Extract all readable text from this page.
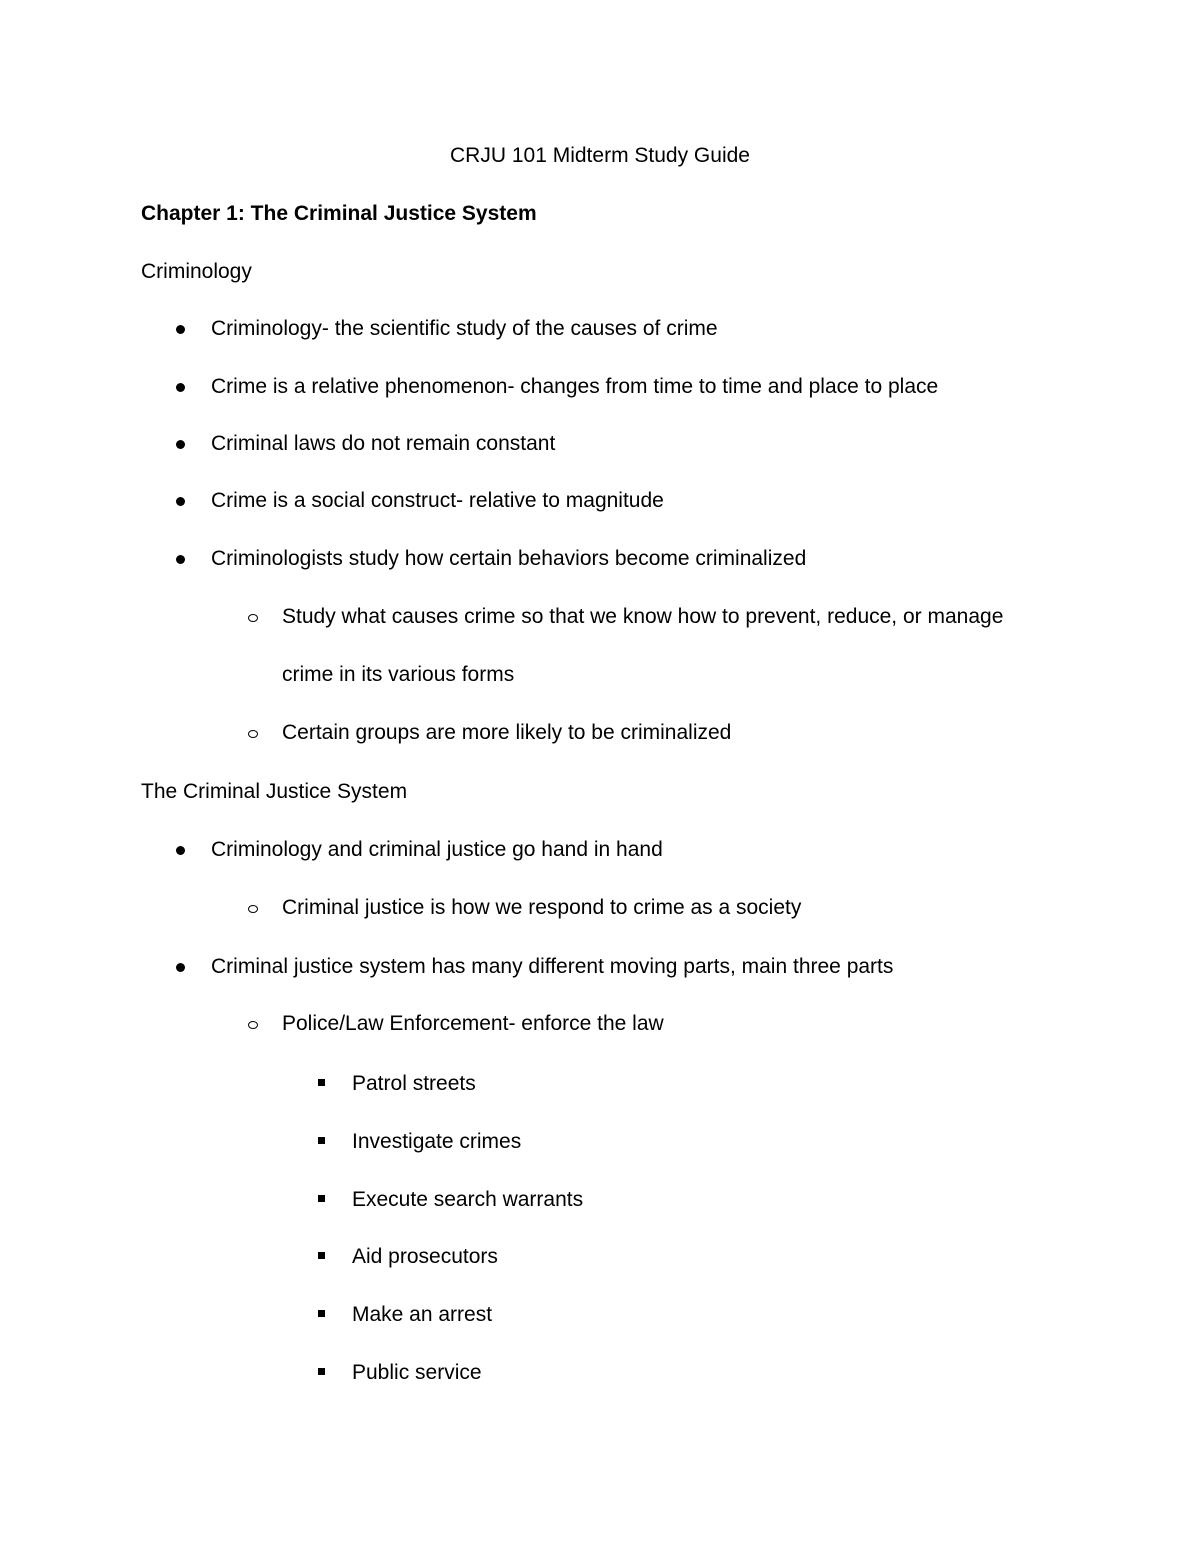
CRJU 101 Midterm Study Guide
Chapter 1: The Criminal Justice System
Criminology
Criminology- the scientific study of the causes of crime
Crime is a relative phenomenon- changes from time to time and place to place
Criminal laws do not remain constant
Crime is a social construct- relative to magnitude
Criminologists study how certain behaviors become criminalized
Study what causes crime so that we know how to prevent, reduce, or manage
crime in its various forms
Certain groups are more likely to be criminalized
The Criminal Justice System
Criminology and criminal justice go hand in hand
Criminal justice is how we respond to crime as a society
Criminal justice system has many different moving parts, main three parts
Police/Law Enforcement- enforce the law
Patrol streets
Investigate crimes
Execute search warrants
Aid prosecutors
Make an arrest
Public service
